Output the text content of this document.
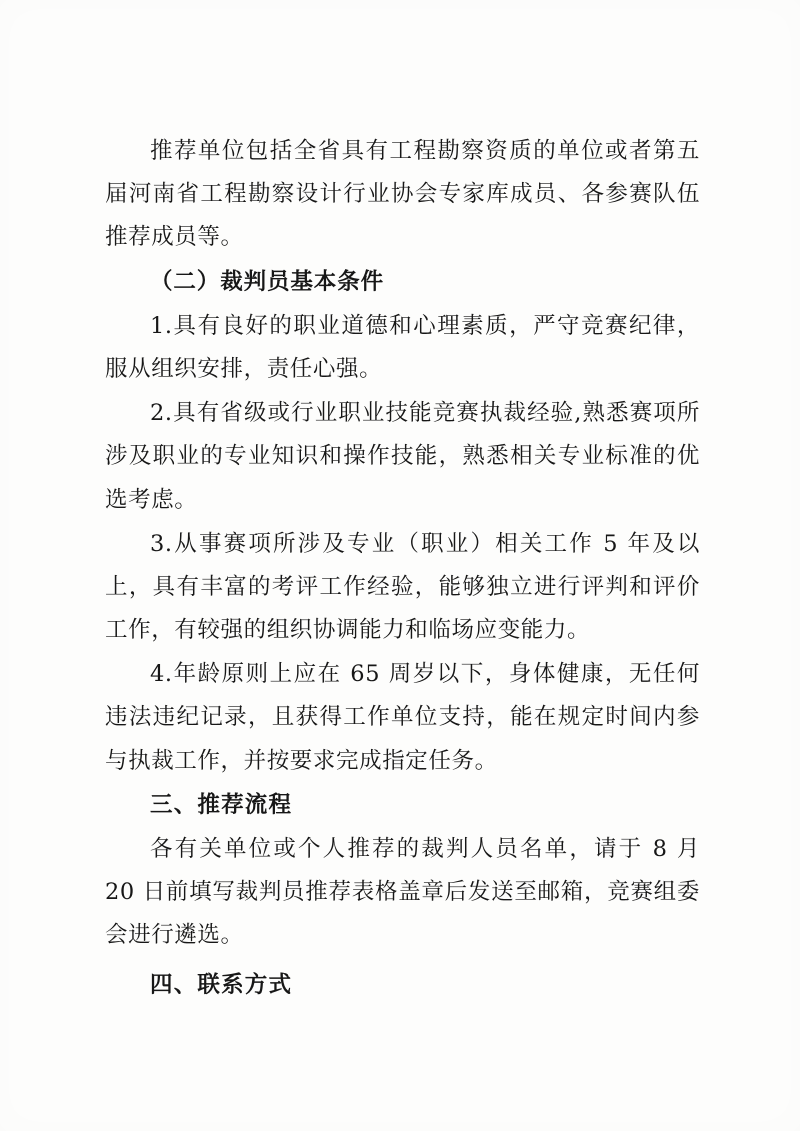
推荐单位包括全省具有工程勘察资质的单位或者第五届河南省工程勘察设计行业协会专家库成员、各参赛队伍推荐成员等。

（二）裁判员基本条件

1.具有良好的职业道德和心理素质，严守竞赛纪律，服从组织安排，责任心强。

2.具有省级或行业职业技能竞赛执裁经验,熟悉赛项所涉及职业的专业知识和操作技能，熟悉相关专业标准的优选考虑。

3.从事赛项所涉及专业（职业）相关工作 5 年及以上，具有丰富的考评工作经验，能够独立进行评判和评价工作，有较强的组织协调能力和临场应变能力。

4.年龄原则上应在 65 周岁以下，身体健康，无任何违法违纪记录，且获得工作单位支持，能在规定时间内参与执裁工作，并按要求完成指定任务。

三、推荐流程

各有关单位或个人推荐的裁判人员名单，请于 8 月 20 日前填写裁判员推荐表格盖章后发送至邮箱，竞赛组委会进行遴选。

四、联系方式
